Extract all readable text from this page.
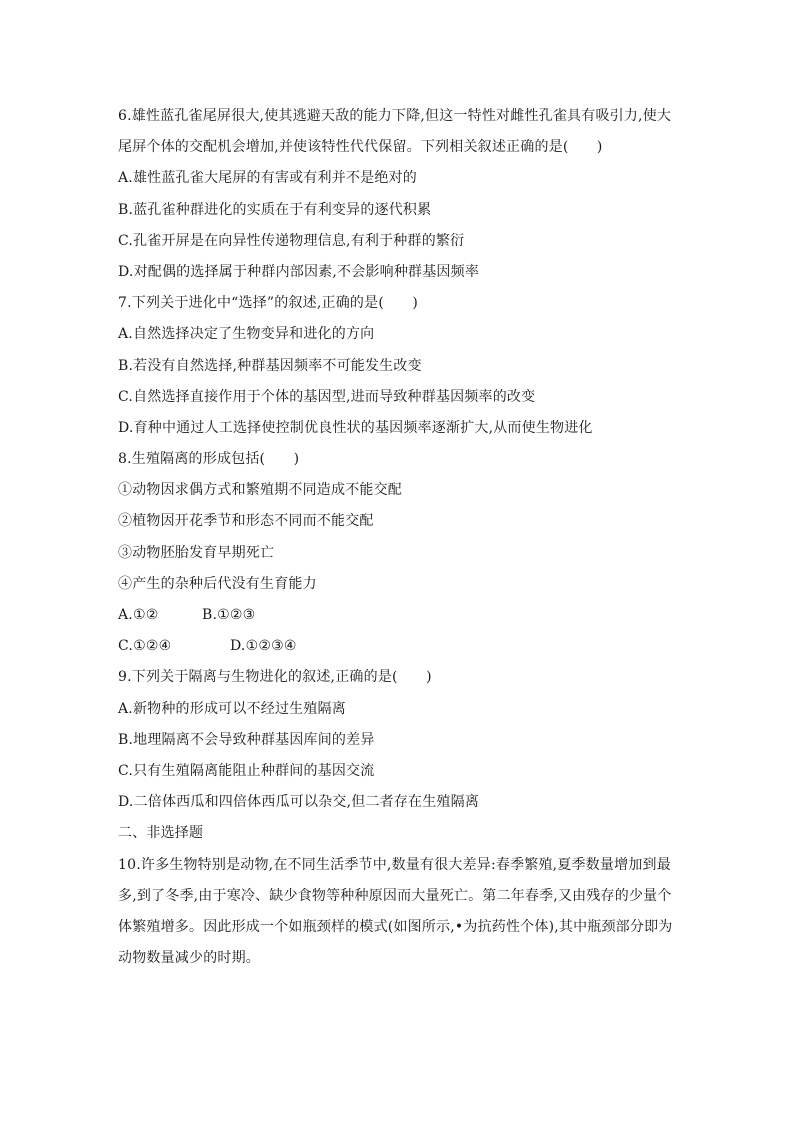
6.雄性蓝孔雀尾屏很大,使其逃避天敌的能力下降,但这一特性对雌性孔雀具有吸引力,使大
尾屏个体的交配机会增加,并使该特性代代保留。下列相关叙述正确的是(　　)
A.雄性蓝孔雀大尾屏的有害或有利并不是绝对的
B.蓝孔雀种群进化的实质在于有利变异的逐代积累
C.孔雀开屏是在向异性传递物理信息,有利于种群的繁衍
D.对配偶的选择属于种群内部因素,不会影响种群基因频率
7.下列关于进化中“选择”的叙述,正确的是(　　)
A.自然选择决定了生物变异和进化的方向
B.若没有自然选择,种群基因频率不可能发生改变
C.自然选择直接作用于个体的基因型,进而导致种群基因频率的改变
D.育种中通过人工选择使控制优良性状的基因频率逐渐扩大,从而使生物进化
8.生殖隔离的形成包括(　　)
①动物因求偶方式和繁殖期不同造成不能交配
②植物因开花季节和形态不同而不能交配
③动物胚胎发育早期死亡
④产生的杂种后代没有生育能力
A.①②	B.①②③
C.①②④	D.①②③④
9.下列关于隔离与生物进化的叙述,正确的是(　　)
A.新物种的形成可以不经过生殖隔离
B.地理隔离不会导致种群基因库间的差异
C.只有生殖隔离能阻止种群间的基因交流
D.二倍体西瓜和四倍体西瓜可以杂交,但二者存在生殖隔离
二、非选择题
10.许多生物特别是动物,在不同生活季节中,数量有很大差异:春季繁殖,夏季数量增加到最
多,到了冬季,由于寒冷、缺少食物等种种原因而大量死亡。第二年春季,又由残存的少量个
体繁殖增多。因此形成一个如瓶颈样的模式(如图所示,•为抗药性个体),其中瓶颈部分即为
动物数量减少的时期。
